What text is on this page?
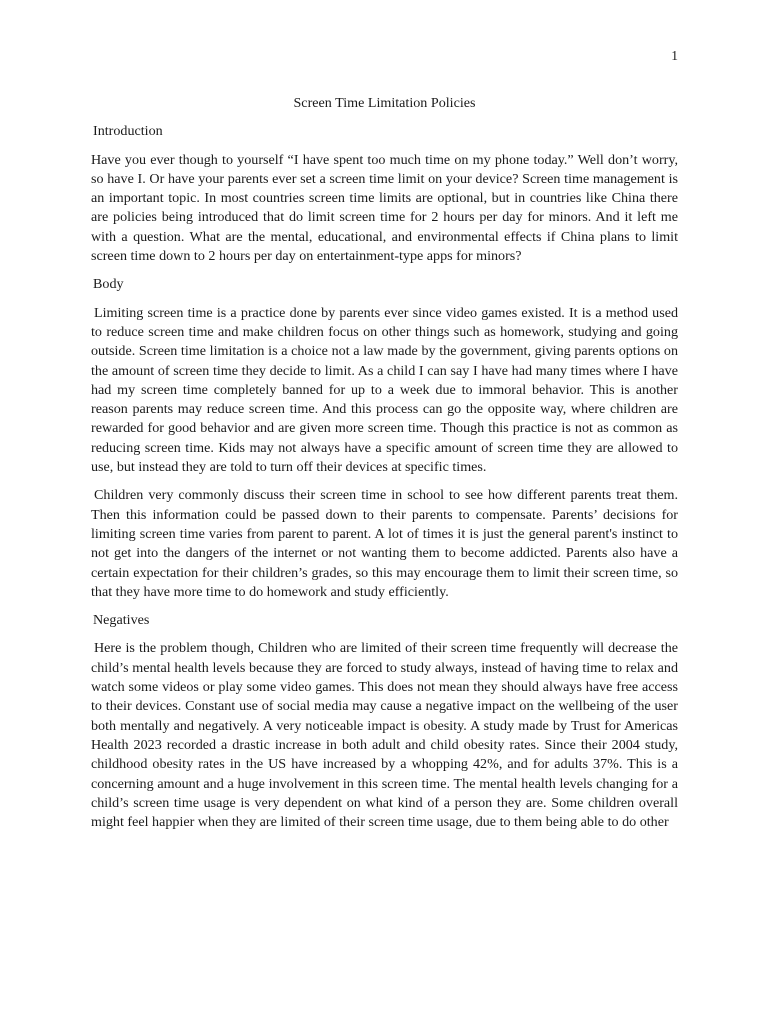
1

Screen Time Limitation Policies

Introduction

Have you ever though to yourself “I have spent too much time on my phone today.” Well don’t worry, so have I. Or have your parents ever set a screen time limit on your device? Screen time management is an important topic. In most countries screen time limits are optional, but in countries like China there are policies being introduced that do limit screen time for 2 hours per day for minors. And it left me with a question. What are the mental, educational, and environmental effects if China plans to limit screen time down to 2 hours per day on entertainment-type apps for minors?

Body

Limiting screen time is a practice done by parents ever since video games existed. It is a method used to reduce screen time and make children focus on other things such as homework, studying and going outside. Screen time limitation is a choice not a law made by the government, giving parents options on the amount of screen time they decide to limit. As a child I can say I have had many times where I have had my screen time completely banned for up to a week due to immoral behavior. This is another reason parents may reduce screen time. And this process can go the opposite way, where children are rewarded for good behavior and are given more screen time. Though this practice is not as common as reducing screen time. Kids may not always have a specific amount of screen time they are allowed to use, but instead they are told to turn off their devices at specific times.

Children very commonly discuss their screen time in school to see how different parents treat them. Then this information could be passed down to their parents to compensate. Parents’ decisions for limiting screen time varies from parent to parent. A lot of times it is just the general parent's instinct to not get into the dangers of the internet or not wanting them to become addicted. Parents also have a certain expectation for their children’s grades, so this may encourage them to limit their screen time, so that they have more time to do homework and study efficiently.

Negatives

Here is the problem though, Children who are limited of their screen time frequently will decrease the child’s mental health levels because they are forced to study always, instead of having time to relax and watch some videos or play some video games. This does not mean they should always have free access to their devices. Constant use of social media may cause a negative impact on the wellbeing of the user both mentally and negatively. A very noticeable impact is obesity. A study made by Trust for Americas Health 2023 recorded a drastic increase in both adult and child obesity rates. Since their 2004 study, childhood obesity rates in the US have increased by a whopping 42%, and for adults 37%. This is a concerning amount and a huge involvement in this screen time. The mental health levels changing for a child’s screen time usage is very dependent on what kind of a person they are. Some children overall might feel happier when they are limited of their screen time usage, due to them being able to do other
